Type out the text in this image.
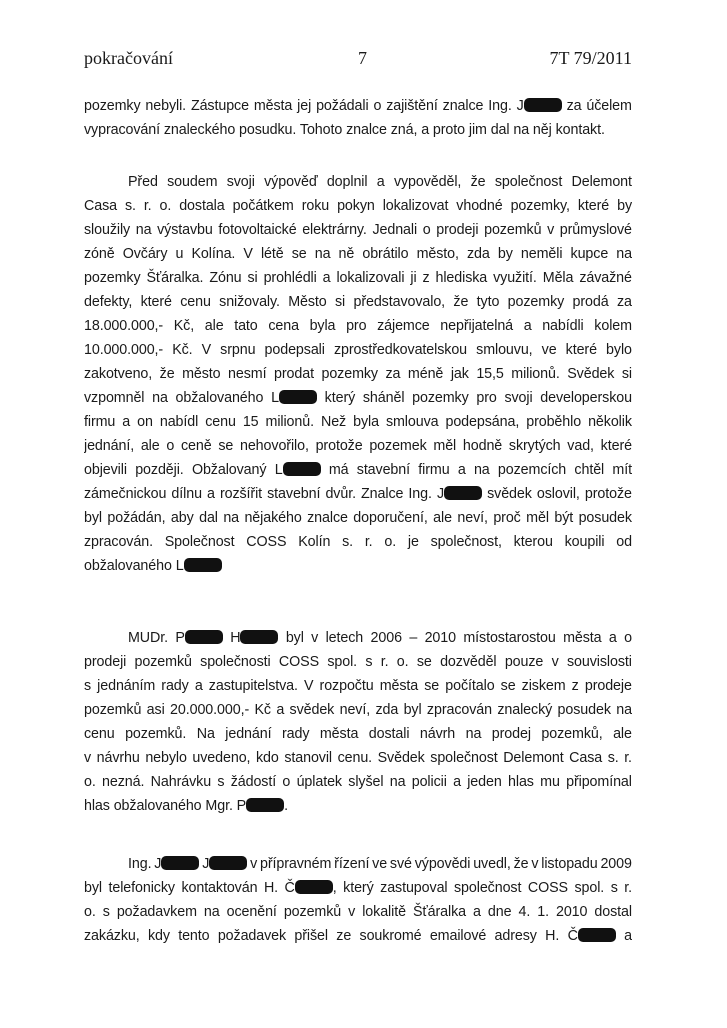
pokračování	7	7T 79/2011
pozemky nebyli. Zástupce města jej požádali o zajištění znalce Ing. J	za účelem
vypracování znaleckého posudku. Tohoto znalce zná, a proto jim dal na něj kontakt.
Před soudem svoji výpověď doplnil a vypověděl, že společnost Delemont
Casa s. r. o. dostala počátkem roku pokyn lokalizovat vhodné pozemky, které by
sloužily na výstavbu fotovoltaické elektrárny. Jednali o prodeji pozemků v průmyslové
zóně Ovčáry u Kolína. V létě se na ně obrátilo město, zda by neměli kupce na
pozemky Šťáralka. Zónu si prohlédli a lokalizovali ji z hlediska využití. Měla závažné
defekty, které cenu snižovaly. Město si představovalo, že tyto pozemky prodá za
18.000.000,- Kč, ale tato cena byla pro zájemce nepřijatelná a nabídli kolem
10.000.000,- Kč. V srpnu podepsali zprostředkovatelskou smlouvu, ve které bylo
zakotveno, že město nesmí prodat pozemky za méně jak 15,5 milionů. Svědek si
vzpomněl na obžalovaného L	který sháněl pozemky pro svoji developerskou
firmu a on nabídl cenu 15 milionů. Než byla smlouva podepsána, proběhlo několik
jednání, ale o ceně se nehovořilo, protože pozemek měl hodně skrytých vad, které
objevili později. Obžalovaný L	má stavební firmu a na pozemcích chtěl mít
zámečnickou dílnu a rozšířit stavební dvůr. Znalce Ing. J	svědek oslovil, protože
byl požádán, aby dal na nějakého znalce doporučení, ale neví, proč měl být posudek
zpracován. Společnost COSS Kolín s. r. o. je společnost, kterou koupili od
obžalovaného L
MUDr. P	H	byl v letech 2006 – 2010 místostarostou města a o
prodeji pozemků společnosti COSS spol. s r. o. se dozvěděl pouze v souvislosti
s jednáním rady a zastupitelstva. V rozpočtu města se počítalo se ziskem z prodeje
pozemků asi 20.000.000,- Kč a svědek neví, zda byl zpracován znalecký posudek na
cenu pozemků. Na jednání rady města dostali návrh na prodej pozemků, ale
v návrhu nebylo uvedeno, kdo stanovil cenu. Svědek společnost Delemont Casa s. r.
o. nezná. Nahrávku s žádostí o úplatek slyšel na policii a jeden hlas mu připomínal
hlas obžalovaného Mgr. P	.
Ing. J	J	v přípravném řízení ve své výpovědi uvedl, že v listopadu 2009
byl telefonicky kontaktován H. Č	, který zastupoval společnost COSS spol. s r.
o. s požadavkem na ocenění pozemků v lokalitě Šťáralka a dne 4. 1. 2010 dostal
zakázku, kdy tento požadavek přišel ze soukromé emailové adresy H. Č	a
